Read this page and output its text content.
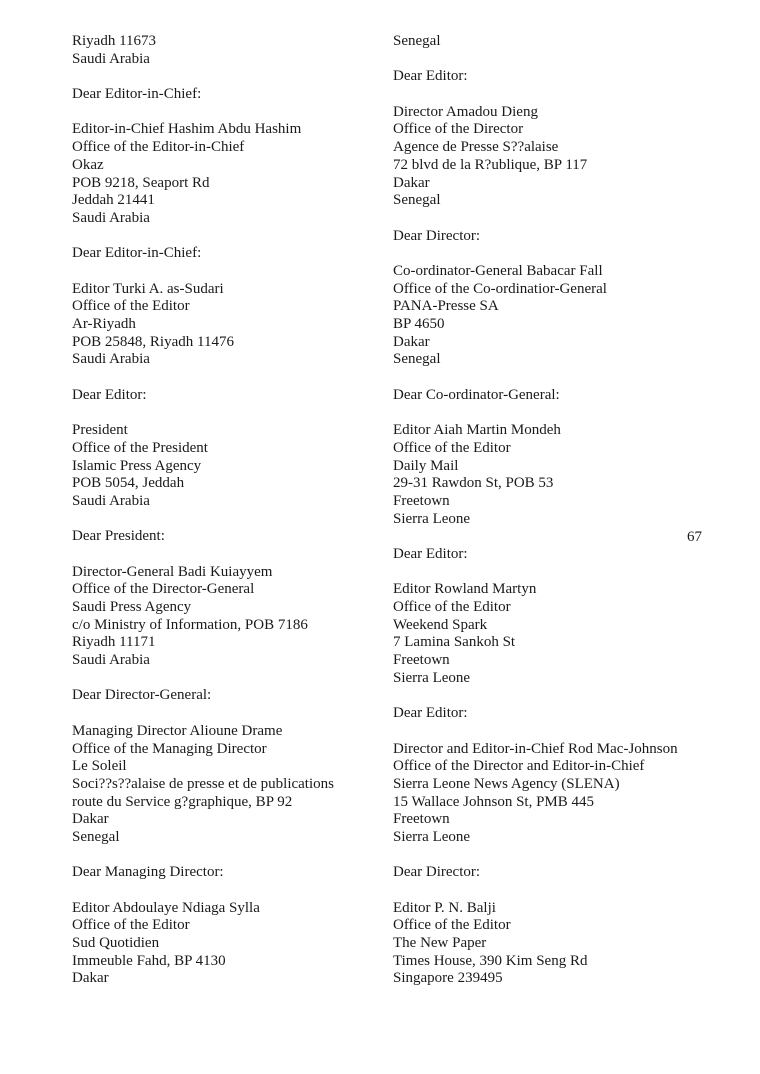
Riyadh 11673
Saudi Arabia

Dear Editor-in-Chief:

Editor-in-Chief Hashim Abdu Hashim
Office of the Editor-in-Chief
Okaz
POB 9218, Seaport Rd
Jeddah 21441
Saudi Arabia

Dear Editor-in-Chief:

Editor Turki A. as-Sudari
Office of the Editor
Ar-Riyadh
POB 25848, Riyadh 11476
Saudi Arabia

Dear Editor:

President
Office of the President
Islamic Press Agency
POB 5054, Jeddah
Saudi Arabia

Dear President:

Director-General Badi Kuiayyem
Office of the Director-General
Saudi Press Agency
c/o Ministry of Information, POB 7186
Riyadh 11171
Saudi Arabia

Dear Director-General:

Managing Director Alioune Drame
Office of the Managing Director
Le Soleil
Soci??s??alaise de presse et de publications
route du Service g?graphique, BP 92
Dakar
Senegal

Dear Managing Director:

Editor Abdoulaye Ndiaga Sylla
Office of the Editor
Sud Quotidien
Immeuble Fahd, BP 4130
Dakar
Senegal

Dear Editor:

Director Amadou Dieng
Office of the Director
Agence de Presse S??alaise
72 blvd de la R?ublique, BP 117
Dakar
Senegal

Dear Director:

Co-ordinator-General Babacar Fall
Office of the Co-ordinatior-General
PANA-Presse SA
BP 4650
Dakar
Senegal

Dear Co-ordinator-General:

Editor Aiah Martin Mondeh
Office of the Editor
Daily Mail
29-31 Rawdon St, POB 53
Freetown
Sierra Leone

Dear Editor:

Editor Rowland Martyn
Office of the Editor
Weekend Spark
7 Lamina Sankoh St
Freetown
Sierra Leone

Dear Editor:

Director and Editor-in-Chief Rod Mac-Johnson
Office of the Director and Editor-in-Chief
Sierra Leone News Agency (SLENA)
15 Wallace Johnson St, PMB 445
Freetown
Sierra Leone

Dear Director:

Editor P. N. Balji
Office of the Editor
The New Paper
Times House, 390 Kim Seng Rd
Singapore 239495
67
